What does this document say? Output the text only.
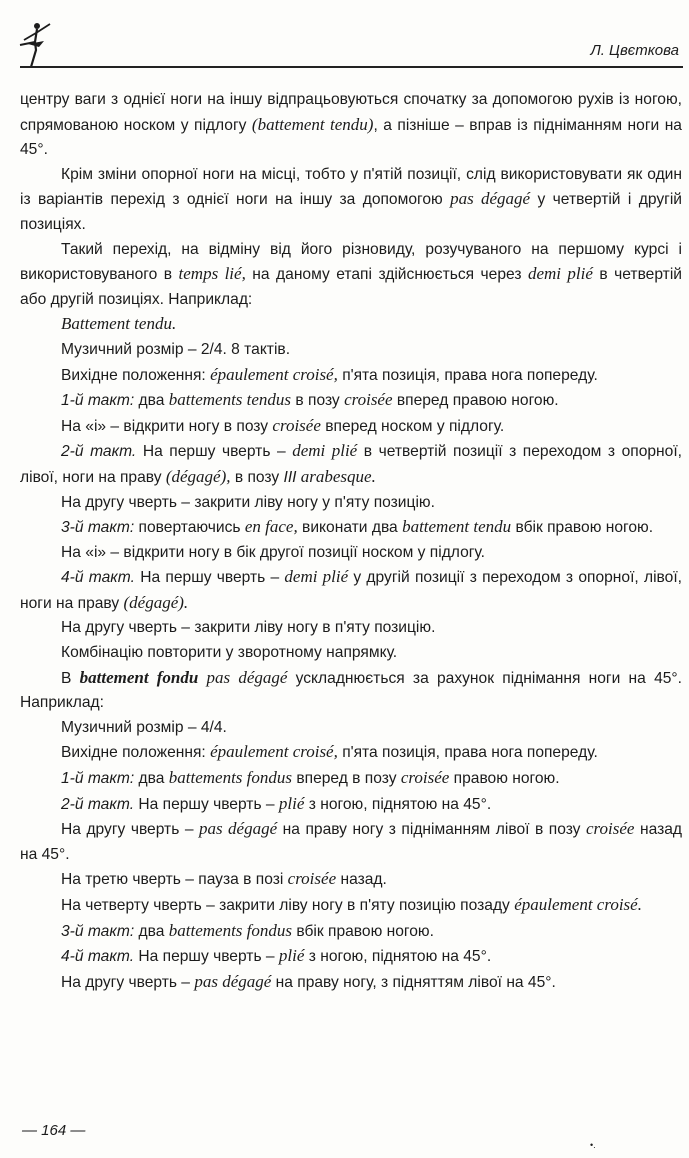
Л. Цвєткова

центру ваги з однієї ноги на іншу відпрацьовуються спочатку за допомогою рухів із ногою, спрямованою носком у підлогу (battement tendu), а пізніше – вправ із підніманням ноги на 45°.

Крім зміни опорної ноги на місці, тобто у п'ятій позиції, слід використовувати як один із варіантів перехід з однієї ноги на іншу за допомогою pas dégagé у четвертій і другій позиціях.

Такий перехід, на відміну від його різновиду, розучуваного на першому курсі і використовуваного в temps lié, на даному етапі здійснюється через demi plié в четвертій або другій позиціях. Наприклад:

Battement tendu.

Музичний розмір – 2/4. 8 тактів.

Вихідне положення: épaulement croisé, п'ята позиція, права нога попереду.

1-й такт: два battements tendus в позу croisée вперед правою ногою.

На «і» – відкрити ногу в позу croisée вперед носком у підлогу.

2-й такт. На першу чверть – demi plié в четвертій позиції з переходом з опорної, лівої, ноги на праву (dégagé), в позу III arabesque.

На другу чверть – закрити ліву ногу у п'яту позицію.

3-й такт: повертаючись en face, виконати два battement tendu вбік правою ногою.

На «і» – відкрити ногу в бік другої позиції носком у підлогу.

4-й такт. На першу чверть – demi plié у другій позиції з переходом з опорної, лівої, ноги на праву (dégagé).

На другу чверть – закрити ліву ногу в п'яту позицію.

Комбінацію повторити у зворотному напрямку.

В battement fondu pas dégagé ускладнюється за рахунок піднімання ноги на 45°. Наприклад:

Музичний розмір – 4/4.

Вихідне положення: épaulement croisé, п'ята позиція, права нога попереду.

1-й такт: два battements fondus вперед в позу croisée правою ногою.

2-й такт. На першу чверть – plié з ногою, піднятою на 45°.

На другу чверть – pas dégagé на праву ногу з підніманням лівої в позу croisée назад на 45°.

На третю чверть – пауза в позі croisée назад.

На четверту чверть – закрити ліву ногу в п'яту позицію позаду épaulement croisé.

3-й такт: два battements fondus вбік правою ногою.

4-й такт. На першу чверть – plié з ногою, піднятою на 45°.

На другу чверть – pas dégagé на праву ногу, з підняттям лівої на 45°.

— 164 —
•.
